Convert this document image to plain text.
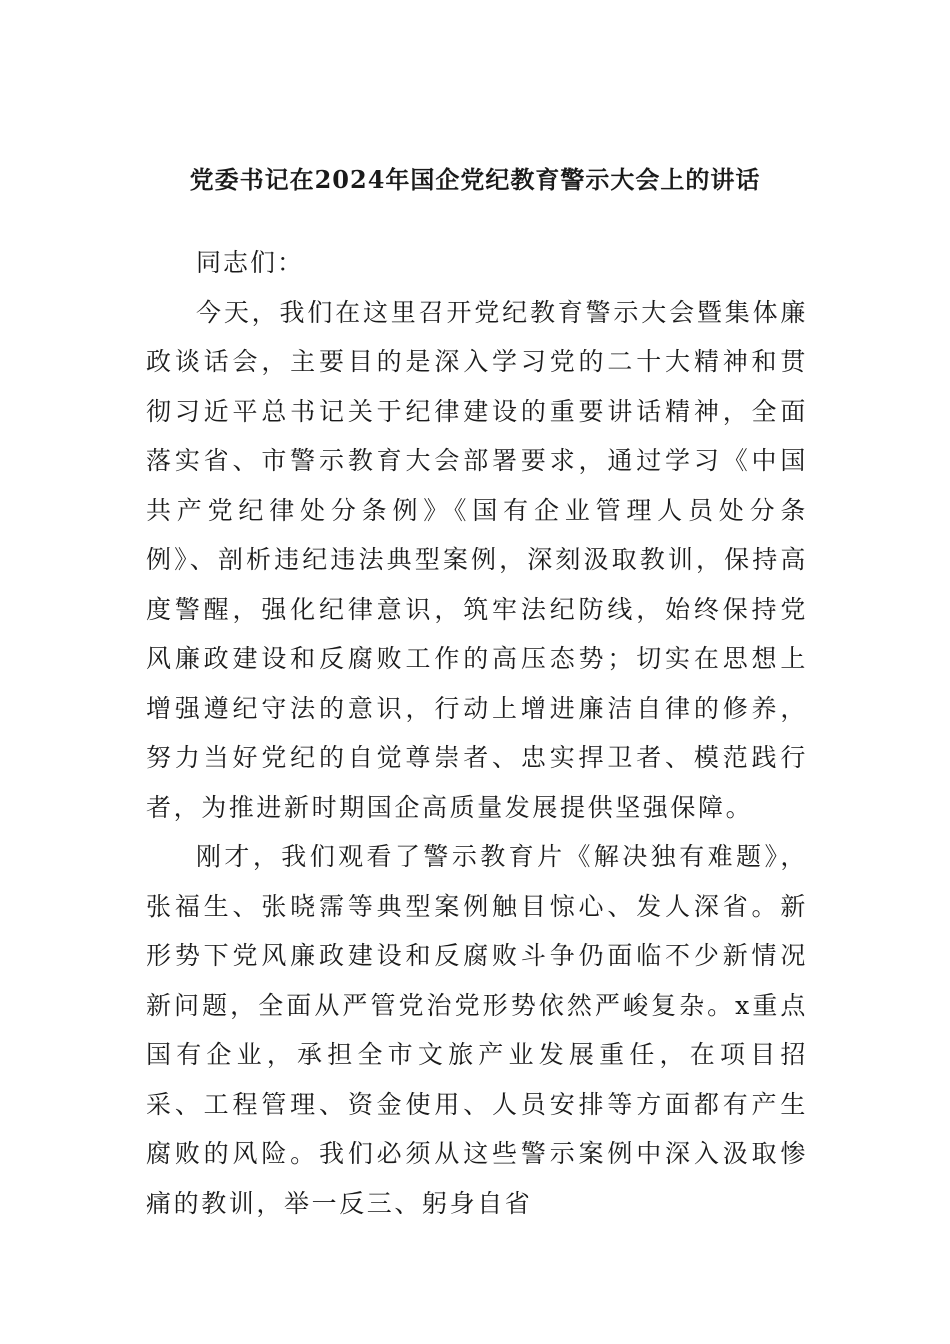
党委书记在2024年国企党纪教育警示大会上的讲话

同志们：

今天，我们在这里召开党纪教育警示大会暨集体廉政谈话会，主要目的是深入学习党的二十大精神和贯彻习近平总书记关于纪律建设的重要讲话精神，全面落实省、市警示教育大会部署要求，通过学习《中国共产党纪律处分条例》《国有企业管理人员处分条例》、剖析违纪违法典型案例，深刻汲取教训，保持高度警醒，强化纪律意识，筑牢法纪防线，始终保持党风廉政建设和反腐败工作的高压态势；切实在思想上增强遵纪守法的意识，行动上增进廉洁自律的修养，努力当好党纪的自觉尊崇者、忠实捍卫者、模范践行者，为推进新时期国企高质量发展提供坚强保障。

刚才，我们观看了警示教育片《解决独有难题》，张福生、张晓霈等典型案例触目惊心、发人深省。新形势下党风廉政建设和反腐败斗争仍面临不少新情况新问题，全面从严管党治党形势依然严峻复杂。x重点国有企业，承担全市文旅产业发展重任，在项目招采、工程管理、资金使用、人员安排等方面都有产生腐败的风险。我们必须从这些警示案例中深入汲取惨痛的教训，举一反三、躬身自省
